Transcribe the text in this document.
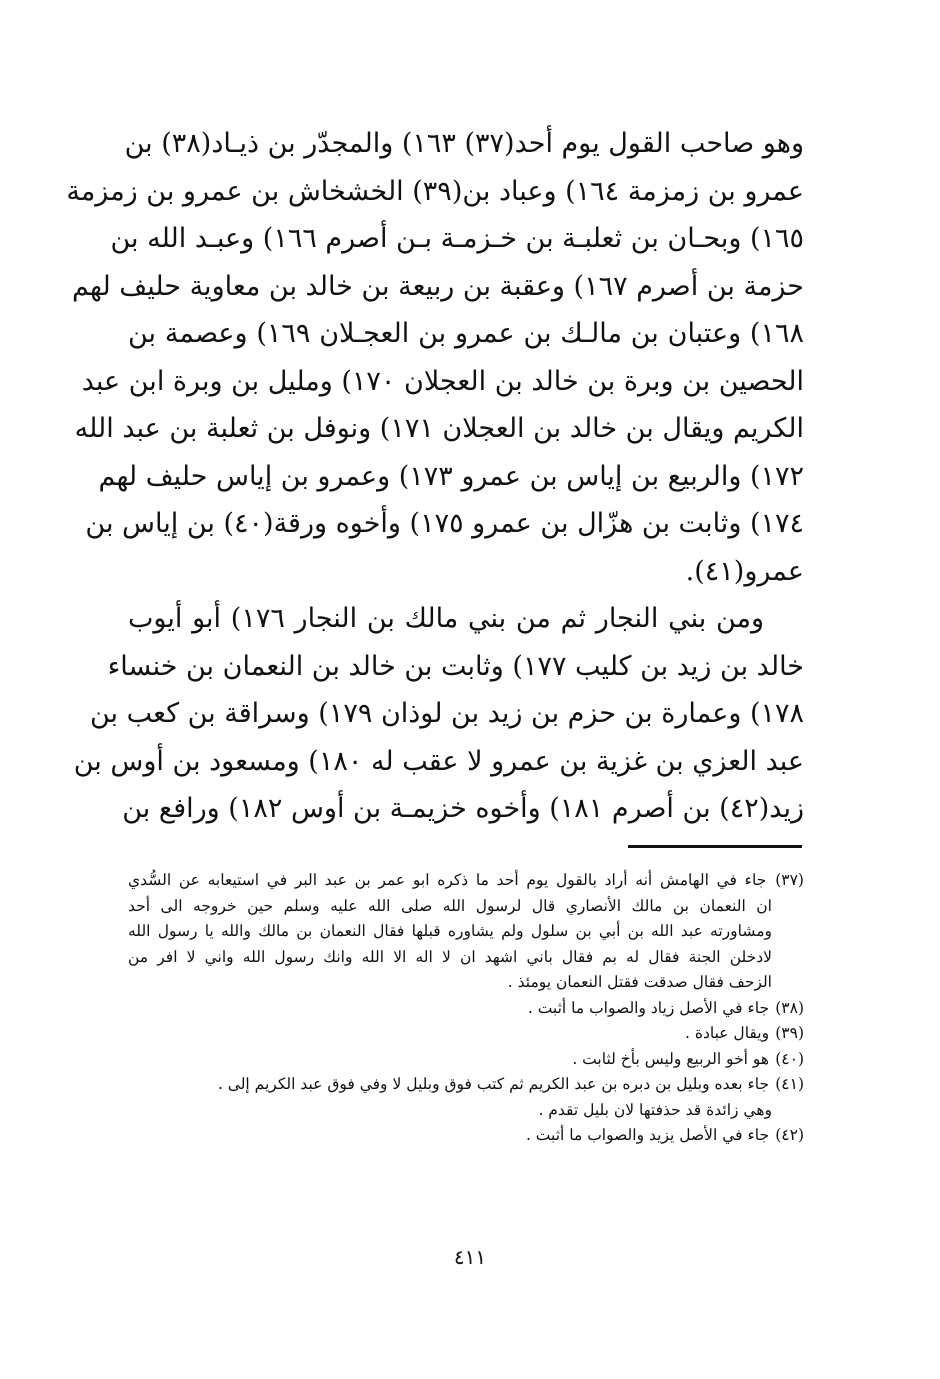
وهو صاحب القول يوم أحد(٣٧) ١٦٣) والمجدّر بن ذيـاد(٣٨) بن
عمرو بن زمزمة ١٦٤) وعباد بن(٣٩) الخشخاش بن عمرو بن زمزمة
١٦٥) وبحـان بن ثعلبـة بن خـزمـة بـن أصرم ١٦٦) وعبـد الله بن
حزمة بن أصرم ١٦٧) وعقبة بن ربيعة بن خالد بن معاوية حليف لهم
١٦٨) وعتبان بن مالـك بن عمرو بن العجـلان ١٦٩) وعصمة بن
الحصين بن وبرة بن خالد بن العجلان ١٧٠) ومليل بن وبرة ابن عبد
الكريم ويقال بن خالد بن العجلان ١٧١) ونوفل بن ثعلبة بن عبد الله
١٧٢) والربيع بن إياس بن عمرو ١٧٣) وعمرو بن إياس حليف لهم
١٧٤) وثابت بن هزّال بن عمرو ١٧٥) وأخوه ورقة(٤٠) بن إياس بن
عمرو(٤١).
ومن بني النجار ثم من بني مالك بن النجار ١٧٦) أبو أيوب
خالد بن زيد بن كليب ١٧٧) وثابت بن خالد بن النعمان بن خنساء
١٧٨) وعمارة بن حزم بن زيد بن لوذان ١٧٩) وسراقة بن كعب بن
عبد العزي بن غزية بن عمرو لا عقب له ١٨٠) ومسعود بن أوس بن
زيد(٤٢) بن أصرم ١٨١) وأخوه خزيمـة بن أوس ١٨٢) ورافع بن
(٣٧) جاء في الهامش أنه أراد بالقول يوم أحد ما ذكره ابو عمر بن عبد البر في استيعابه عن السُّدي
ان النعمان بن مالك الأنصاري قال لرسول الله صلى الله عليه وسلم حين خروجه الى أحد
ومشاورته عبد الله بن أبي بن سلول ولم يشاوره قبلها فقال النعمان بن مالك والله يا رسول الله
لادخلن الجنة فقال له بم فقال باني اشهد ان لا اله الا الله وانك رسول الله واني لا افر من
الزحف فقال صدقت فقتل النعمان يومئذ .
(٣٨) جاء في الأصل زياد والصواب ما أثبت .
(٣٩) ويقال عبادة .
(٤٠) هو أخو الربيع وليس بأخ لثابت .
(٤١) جاء بعده وبليل بن دبره بن عبد الكريم ثم كتب فوق وبليل لا وفي فوق عبد الكريم إلى .
وهي زائدة قد حذفتها لان بليل تقدم .
(٤٢) جاء في الأصل يزيد والصواب ما أثبت .
٤١١
